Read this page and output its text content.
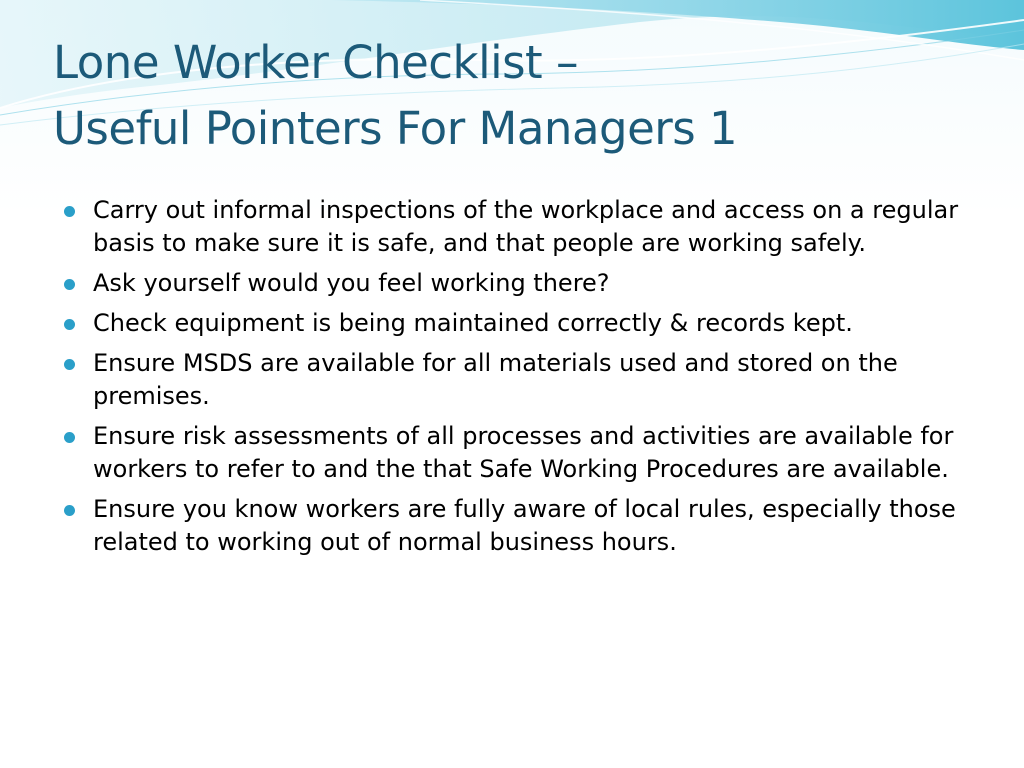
Lone Worker Checklist –
Useful Pointers For Managers 1
Carry out informal inspections of the workplace and access on a regular basis to make sure it is safe, and that people are working safely.
Ask yourself would you feel working there?
Check equipment is being maintained correctly & records kept.
Ensure MSDS are available for all materials used and stored on the premises.
Ensure risk assessments of all processes and activities are available for workers to refer to and the that Safe Working Procedures are available.
Ensure you know workers are fully aware of local rules, especially those related to working out of normal business hours.
